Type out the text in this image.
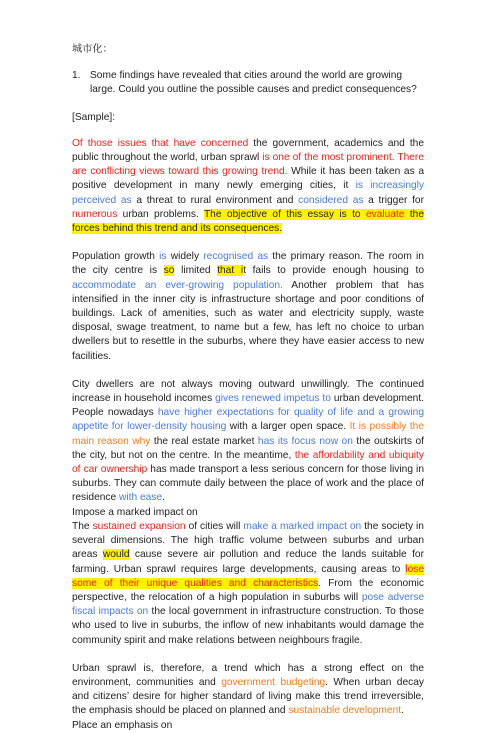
城市化：
1. Some findings have revealed that cities around the world are growing large. Could you outline the possible causes and predict consequences?
[Sample]:

Of those issues that have concerned the government, academics and the public throughout the world, urban sprawl is one of the most prominent. There are conflicting views toward this growing trend. While it has been taken as a positive development in many newly emerging cities, it is increasingly perceived as a threat to rural environment and considered as a trigger for numerous urban problems. The objective of this essay is to evaluate the forces behind this trend and its consequences.

Population growth is widely recognised as the primary reason. The room in the city centre is so limited that it fails to provide enough housing to accommodate an ever-growing population. Another problem that has intensified in the inner city is infrastructure shortage and poor conditions of buildings. Lack of amenities, such as water and electricity supply, waste disposal, swage treatment, to name but a few, has left no choice to urban dwellers but to resettle in the suburbs, where they have easier access to new facilities.

City dwellers are not always moving outward unwillingly. The continued increase in household incomes gives renewed impetus to urban development. People nowadays have higher expectations for quality of life and a growing appetite for lower-density housing with a larger open space. It is possibly the main reason why the real estate market has its focus now on the outskirts of the city, but not on the centre. In the meantime, the affordability and ubiquity of car ownership has made transport a less serious concern for those living in suburbs. They can commute daily between the place of work and the place of residence with ease.

Impose a marked impact on

The sustained expansion of cities will make a marked impact on the society in several dimensions. The high traffic volume between suburbs and urban areas would cause severe air pollution and reduce the lands suitable for farming. Urban sprawl requires large developments, causing areas to lose some of their unique qualities and characteristics. From the economic perspective, the relocation of a high population in suburbs will pose adverse fiscal impacts on the local government in infrastructure construction. To those who used to live in suburbs, the inflow of new inhabitants would damage the community spirit and make relations between neighbours fragile.

Urban sprawl is, therefore, a trend which has a strong effect on the environment, communities and government budgeting. When urban decay and citizens’ desire for higher standard of living make this trend irreversible, the emphasis should be placed on planned and sustainable development.

Place an emphasis on
